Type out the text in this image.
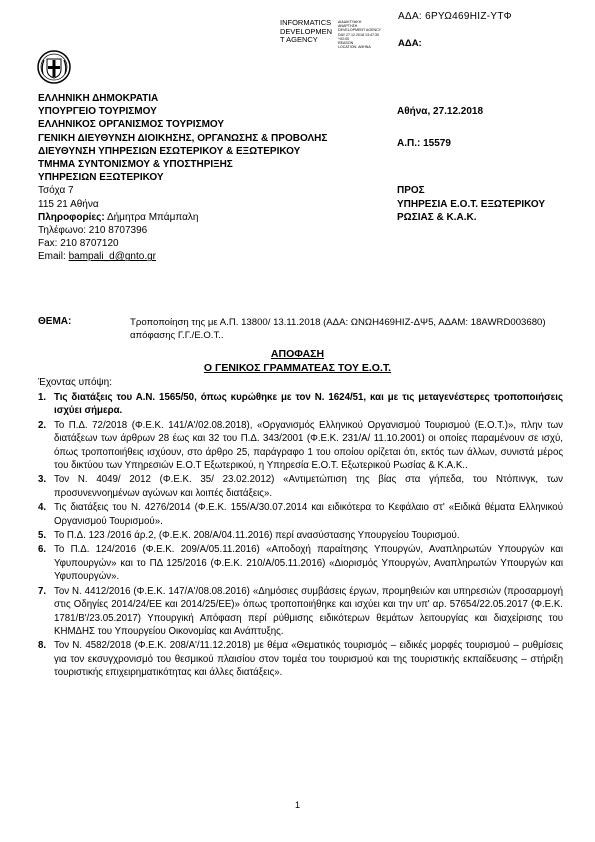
ΑΔΑ: 6ΡΥΩ469ΗΙΖ-ΥΤΦ
INFORMATICS
DEVELOPMEN
T AGENCY
ΔΙΑΔΙΚΤΥΑΚΗ
ΑΝΑΡΤΗΣΗ
DEVELOPMENT AGENCY
DAY 27.12.2018 13:47:30
+02:00
REASON
LOCATION: ΑΘΗΝΑ	ΑΔΑ:
ΕΛΛΗΝΙΚΗ ΔΗΜΟΚΡΑΤΙΑ
ΥΠΟΥΡΓΕΙΟ ΤΟΥΡΙΣΜΟΥ
ΕΛΛΗΝΙΚΟΣ ΟΡΓΑΝΙΣΜΟΣ ΤΟΥΡΙΣΜΟΥ
ΓΕΝΙΚΗ ΔΙΕΥΘΥΝΣΗ ΔΙΟΙΚΗΣΗΣ, ΟΡΓΑΝΩΣΗΣ & ΠΡΟΒΟΛΗΣ
ΔΙΕΥΘΥΝΣΗ ΥΠΗΡΕΣΙΩΝ ΕΣΩΤΕΡΙΚΟΥ & ΕΞΩΤΕΡΙΚΟΥ
ΤΜΗΜΑ ΣΥΝΤΟΝΙΣΜΟΥ & ΥΠΟΣΤΗΡΙΞΗΣ
ΥΠΗΡΕΣΙΩΝ ΕΞΩΤΕΡΙΚΟΥ
Τσόχα 7
115 21 Αθήνα
Πληροφορίες: Δήμητρα Μπάμπαλη
Τηλέφωνο: 210 8707396
Fax: 210 8707120
Email: bampali_d@gnto.gr
Αθήνα, 27.12.2018
Α.Π.: 15579
ΠΡΟΣ
ΥΠΗΡΕΣΙΑ Ε.Ο.Τ. ΕΞΩΤΕΡΙΚΟΥ
ΡΩΣΙΑΣ & Κ.Α.Κ.
ΘΕΜΑ:	Τροποποίηση της με Α.Π. 13800/ 13.11.2018 (ΑΔΑ: ΩΝΩΗ469ΗΙΖ-ΔΨ5, ΑΔΑΜ: 18AWRD003680) απόφασης Γ.Γ./Ε.Ο.Τ..
ΑΠΟΦΑΣΗ
Ο ΓΕΝΙΚΟΣ ΓΡΑΜΜΑΤΕΑΣ ΤΟΥ Ε.Ο.Τ.
Έχοντας υπόψη:
1. Τις διατάξεις του Α.Ν. 1565/50, όπως κυρώθηκε με τον Ν. 1624/51, και με τις μεταγενέστερες τροποποιήσεις ισχύει σήμερα.
2. Το Π.Δ. 72/2018 (Φ.Ε.Κ. 141/Α'/02.08.2018), «Οργανισμός Ελληνικού Οργανισμού Τουρισμού (Ε.Ο.Τ.)», πλην των διατάξεων των άρθρων 28 έως και 32 του Π.Δ. 343/2001 (Φ.Ε.Κ. 231/Α/ 11.10.2001) οι οποίες παραμένουν σε ισχύ, όπως τροποποιήθεις ισχύουν, στο άρθρο 25, παράγραφο 1 του οποίου ορίζεται ότι, εκτός των άλλων, συνιστά μέρος του δικτύου των Υπηρεσιών Ε.Ο.Τ Εξωτερικού, η Υπηρεσία Ε.Ο.Τ. Εξωτερικού Ρωσίας & Κ.Α.Κ..
3. Τον Ν. 4049/ 2012 (Φ.Ε.Κ. 35/ 23.02.2012) «Αντιμετώπιση της βίας στα γήπεδα, του Ντόπινγκ, των προσυνεννοημένων αγώνων και λοιπές διατάξεις».
4. Τις διατάξεις του Ν. 4276/2014 (Φ.Ε.Κ. 155/Α/30.07.2014 και ειδικότερα το Κεφάλαιο στ' «Ειδικά θέματα Ελληνικού Οργανισμού Τουρισμού».
5. Το Π.Δ. 123 /2016 άρ.2, (Φ.Ε.Κ. 208/Α/04.11.2016) περί ανασύστασης Υπουργείου Τουρισμού.
6. Το Π.Δ. 124/2016 (Φ.Ε.Κ. 209/Α/05.11.2016) «Αποδοχή παραίτησης Υπουργών, Αναπληρωτών Υπουργών και Υφυπουργών» και το ΠΔ 125/2016 (Φ.Ε.Κ. 210/Α/05.11.2016) «Διορισμός Υπουργών, Αναπληρωτών Υπουργών και Υφυπουργών».
7. Τον Ν. 4412/2016 (Φ.Ε.Κ. 147/Α'/08.08.2016) «Δημόσιες συμβάσεις έργων, προμηθειών και υπηρεσιών (προσαρμογή στις Οδηγίες 2014/24/ΕΕ και 2014/25/ΕΕ)» όπως τροποποιήθηκε και ισχύει και την υπ' αρ. 57654/22.05.2017 (Φ.Ε.Κ. 1781/Β'/23.05.2017) Υπουργική Απόφαση περί ρύθμισης ειδικότερων θεμάτων λειτουργίας και διαχείρισης του ΚΗΜΔΗΣ του Υπουργείου Οικονομίας και Ανάπτυξης.
8. Τον Ν. 4582/2018 (Φ.Ε.Κ. 208/Α'/11.12.2018) με θέμα «Θεματικός τουρισμός – ειδικές μορφές τουρισμού – ρυθμίσεις για τον εκσυγχρονισμό του θεσμικού πλαισίου στον τομέα του τουρισμού και της τουριστικής εκπαίδευσης – στήριξη τουριστικής επιχειρηματικότητας και άλλες διατάξεις».
1
